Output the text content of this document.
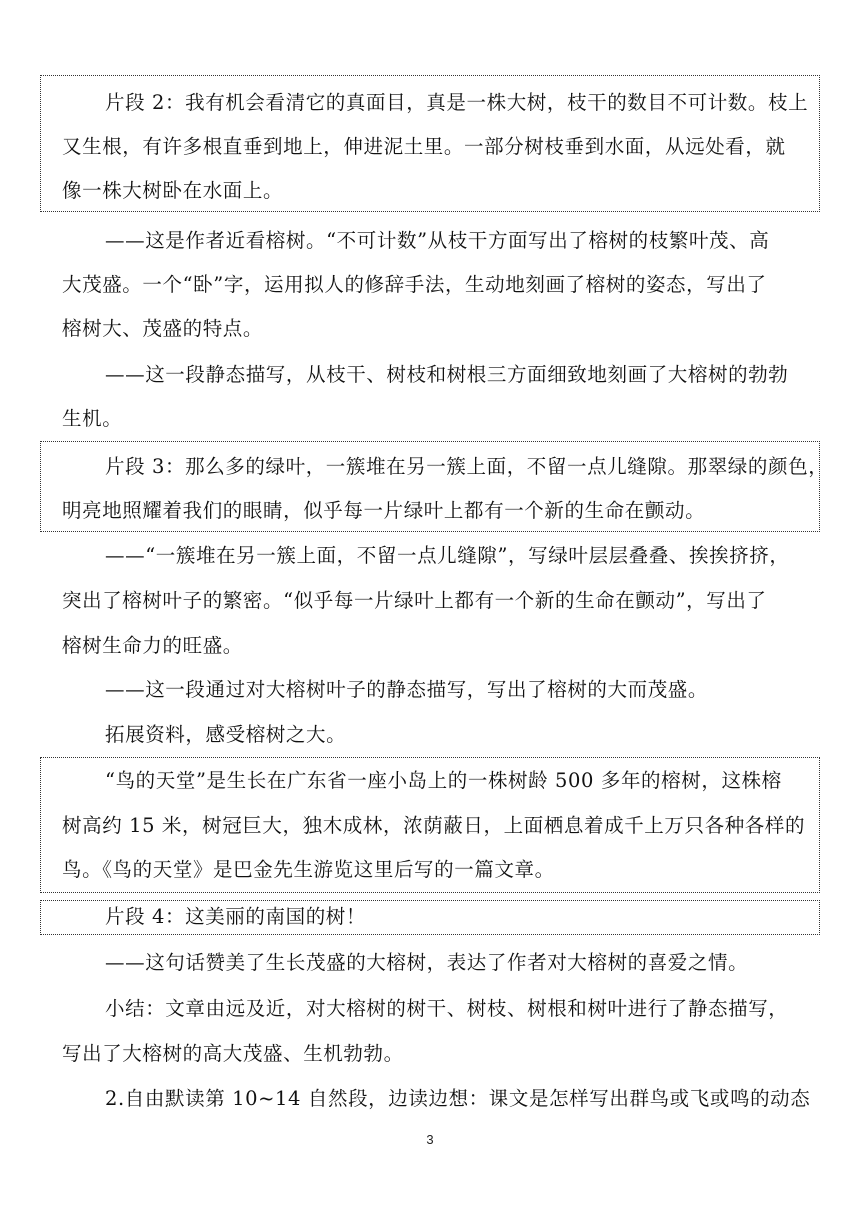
片段 2：我有机会看清它的真面目，真是一株大树，枝干的数目不可计数。枝上
又生根，有许多根直垂到地上，伸进泥土里。一部分树枝垂到水面，从远处看，就
像一株大树卧在水面上。
——这是作者近看榕树。“不可计数”从枝干方面写出了榕树的枝繁叶茂、高
大茂盛。一个“卧”字，运用拟人的修辞手法，生动地刻画了榕树的姿态，写出了
榕树大、茂盛的特点。
——这一段静态描写，从枝干、树枝和树根三方面细致地刻画了大榕树的勃勃
生机。
片段 3：那么多的绿叶，一簇堆在另一簇上面，不留一点儿缝隙。那翠绿的颜色，
明亮地照耀着我们的眼睛，似乎每一片绿叶上都有一个新的生命在颤动。
——“一簇堆在另一簇上面，不留一点儿缝隙”，写绿叶层层叠叠、挨挨挤挤，
突出了榕树叶子的繁密。“似乎每一片绿叶上都有一个新的生命在颤动”，写出了
榕树生命力的旺盛。
——这一段通过对大榕树叶子的静态描写，写出了榕树的大而茂盛。
拓展资料，感受榕树之大。
“鸟的天堂”是生长在广东省一座小岛上的一株树龄 500 多年的榕树，这株榕
树高约 15 米，树冠巨大，独木成林，浓荫蔽日，上面栖息着成千上万只各种各样的
鸟。《鸟的天堂》是巴金先生游览这里后写的一篇文章。
片段 4：这美丽的南国的树！
——这句话赞美了生长茂盛的大榕树，表达了作者对大榕树的喜爱之情。
小结：文章由远及近，对大榕树的树干、树枝、树根和树叶进行了静态描写，
写出了大榕树的高大茂盛、生机勃勃。
2.自由默读第 10~14 自然段，边读边想：课文是怎样写出群鸟或飞或鸣的动态
3
